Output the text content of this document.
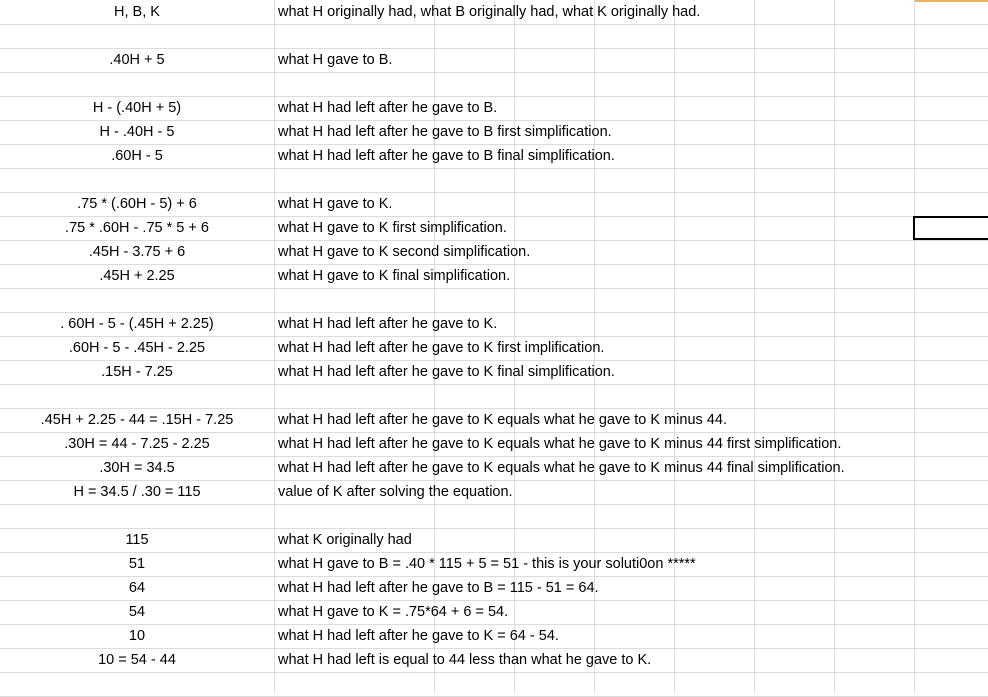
H, B, K	what H originally had, what B originally had, what K originally had.
.40H + 5	what H gave to B.
H - (.40H + 5)	what H had left after he gave to B.
H - .40H - 5	what H had left after he gave to B first simplification.
.60H - 5	what H had left after he gave to B final simplification.
.75 * (.60H - 5) + 6	what H gave to K.
.75 * .60H - .75 * 5 + 6	what H gave to K first simplification.
.45H - 3.75 + 6	what H gave to K second simplification.
.45H + 2.25	what H gave to K final simplification.
. 60H - 5 - (.45H + 2.25)	what H had left after he gave to K.
.60H - 5 - .45H - 2.25	what H had left after he gave to K first implification.
.15H - 7.25	what H had left after he gave to K final simplification.
.45H + 2.25 - 44 = .15H - 7.25	what H had left after he gave to K equals what he gave to K minus 44.
.30H = 44 - 7.25 - 2.25	what H had left after he gave to K equals what he gave to K minus 44 first simplification.
.30H = 34.5	what H had left after he gave to K equals what he gave to K minus 44 final simplification.
H = 34.5 / .30 = 115	value of K after solving the equation.
115	what K originally had
51	what H gave to B = .40 * 115 + 5 = 51 - this is your soluti0on *****
64	what H had left after he gave to B = 115 - 51 = 64.
54	what H gave to K = .75*64 + 6 = 54.
10	what H had left after he gave to K = 64 - 54.
10 = 54 - 44	what H had left is equal to 44 less than what he gave to K.
